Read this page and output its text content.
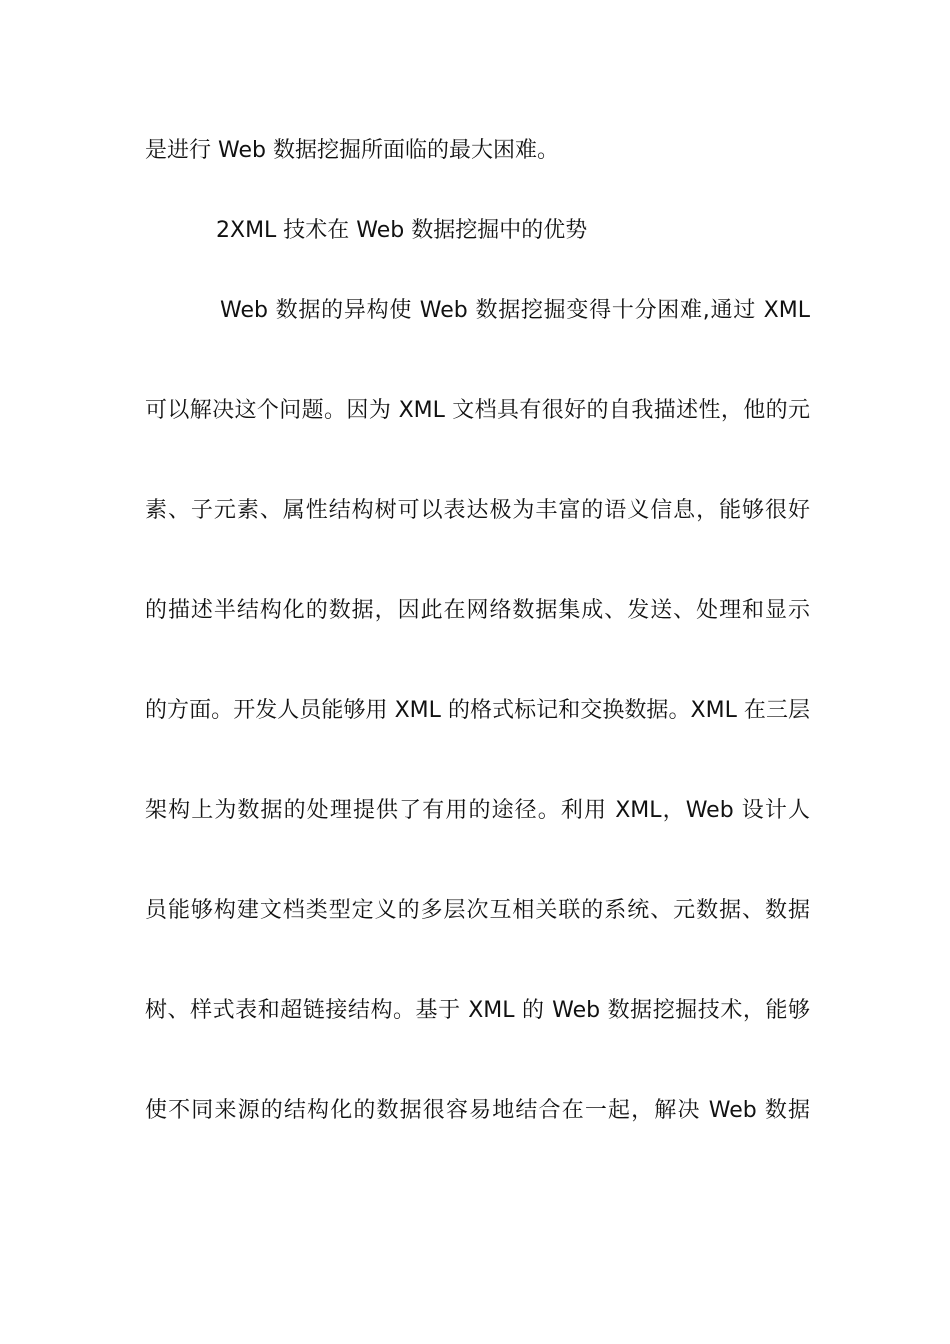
是进行 Web 数据挖掘所面临的最大困难。
2XML 技术在 Web 数据挖掘中的优势
Web 数据的异构使 Web 数据挖掘变得十分困难,通过 XML
可以解决这个问题。因为 XML 文档具有很好的自我描述性，他的元
素、子元素、属性结构树可以表达极为丰富的语义信息，能够很好
的描述半结构化的数据，因此在网络数据集成、发送、处理和显示
的方面。开发人员能够用 XML 的格式标记和交换数据。XML 在三层
架构上为数据的处理提供了有用的途径。利用 XML，Web 设计人
员能够构建文档类型定义的多层次互相关联的系统、元数据、数据
树、样式表和超链接结构。基于 XML 的 Web 数据挖掘技术，能够
使不同来源的结构化的数据很容易地结合在一起，解决 Web 数据
